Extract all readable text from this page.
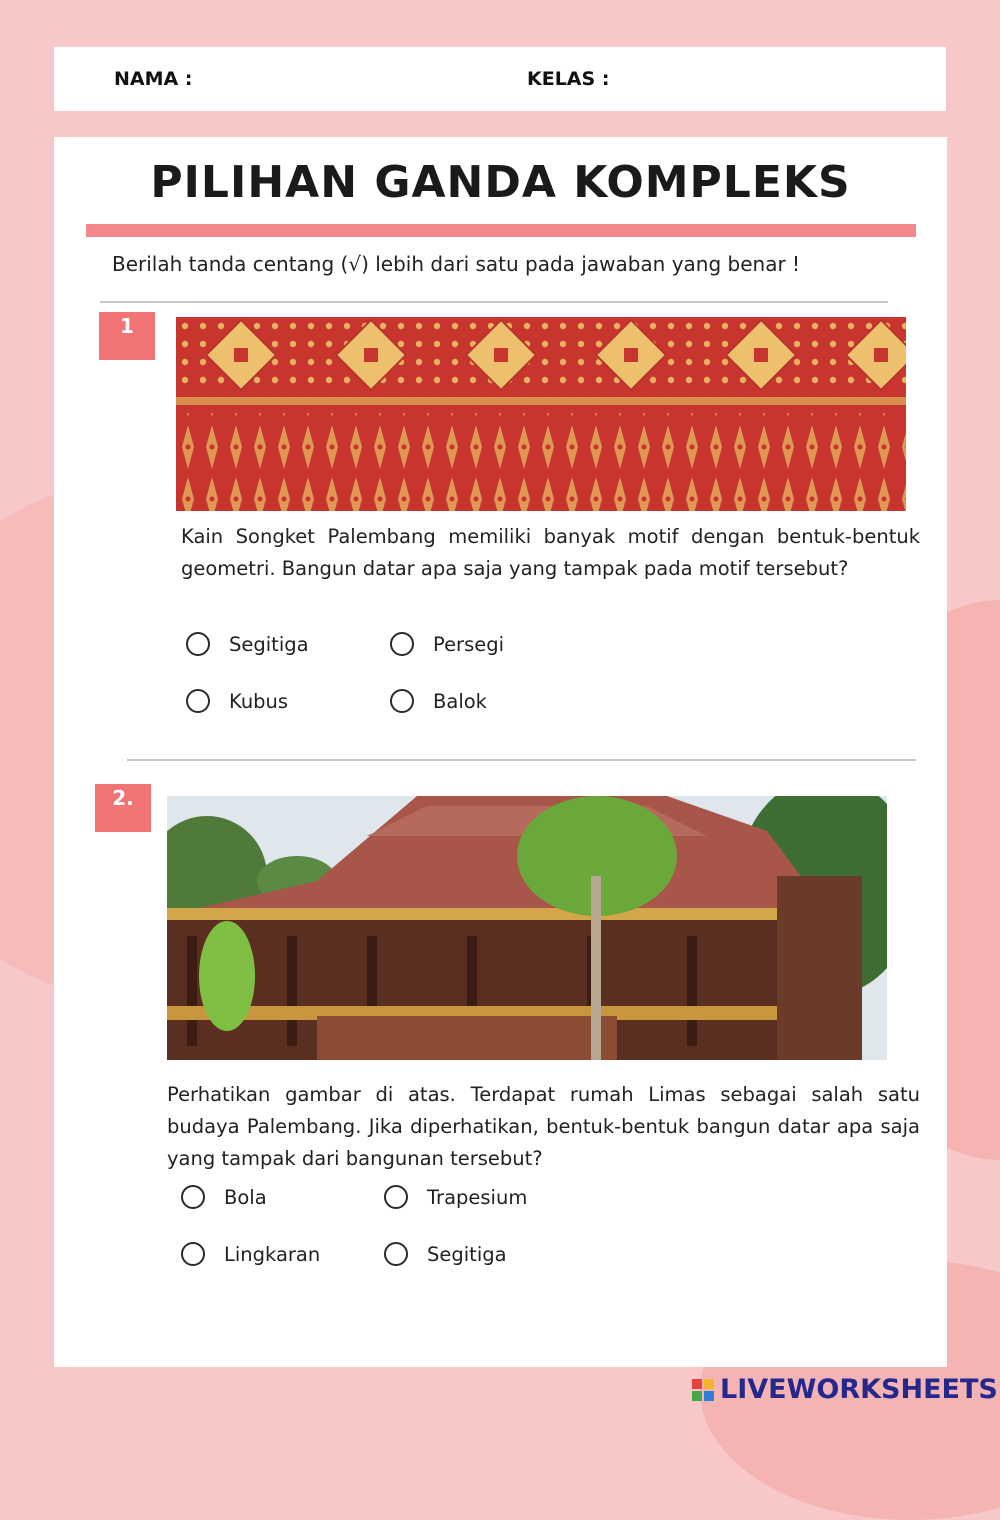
NAMA :	KELAS :
PILIHAN GANDA KOMPLEKS
Berilah tanda centang (√) lebih dari satu pada jawaban yang benar !
1
Kain Songket Palembang memiliki banyak motif dengan bentuk-bentuk geometri. Bangun datar apa saja yang tampak pada motif tersebut?
Segitiga	Persegi
Kubus	Balok
2.
Perhatikan gambar di atas. Terdapat rumah Limas sebagai salah satu budaya Palembang. Jika diperhatikan, bentuk-bentuk bangun datar apa saja yang tampak dari bangunan tersebut?
Bola	Trapesium
Lingkaran	Segitiga
LIVEWORKSHEETS
